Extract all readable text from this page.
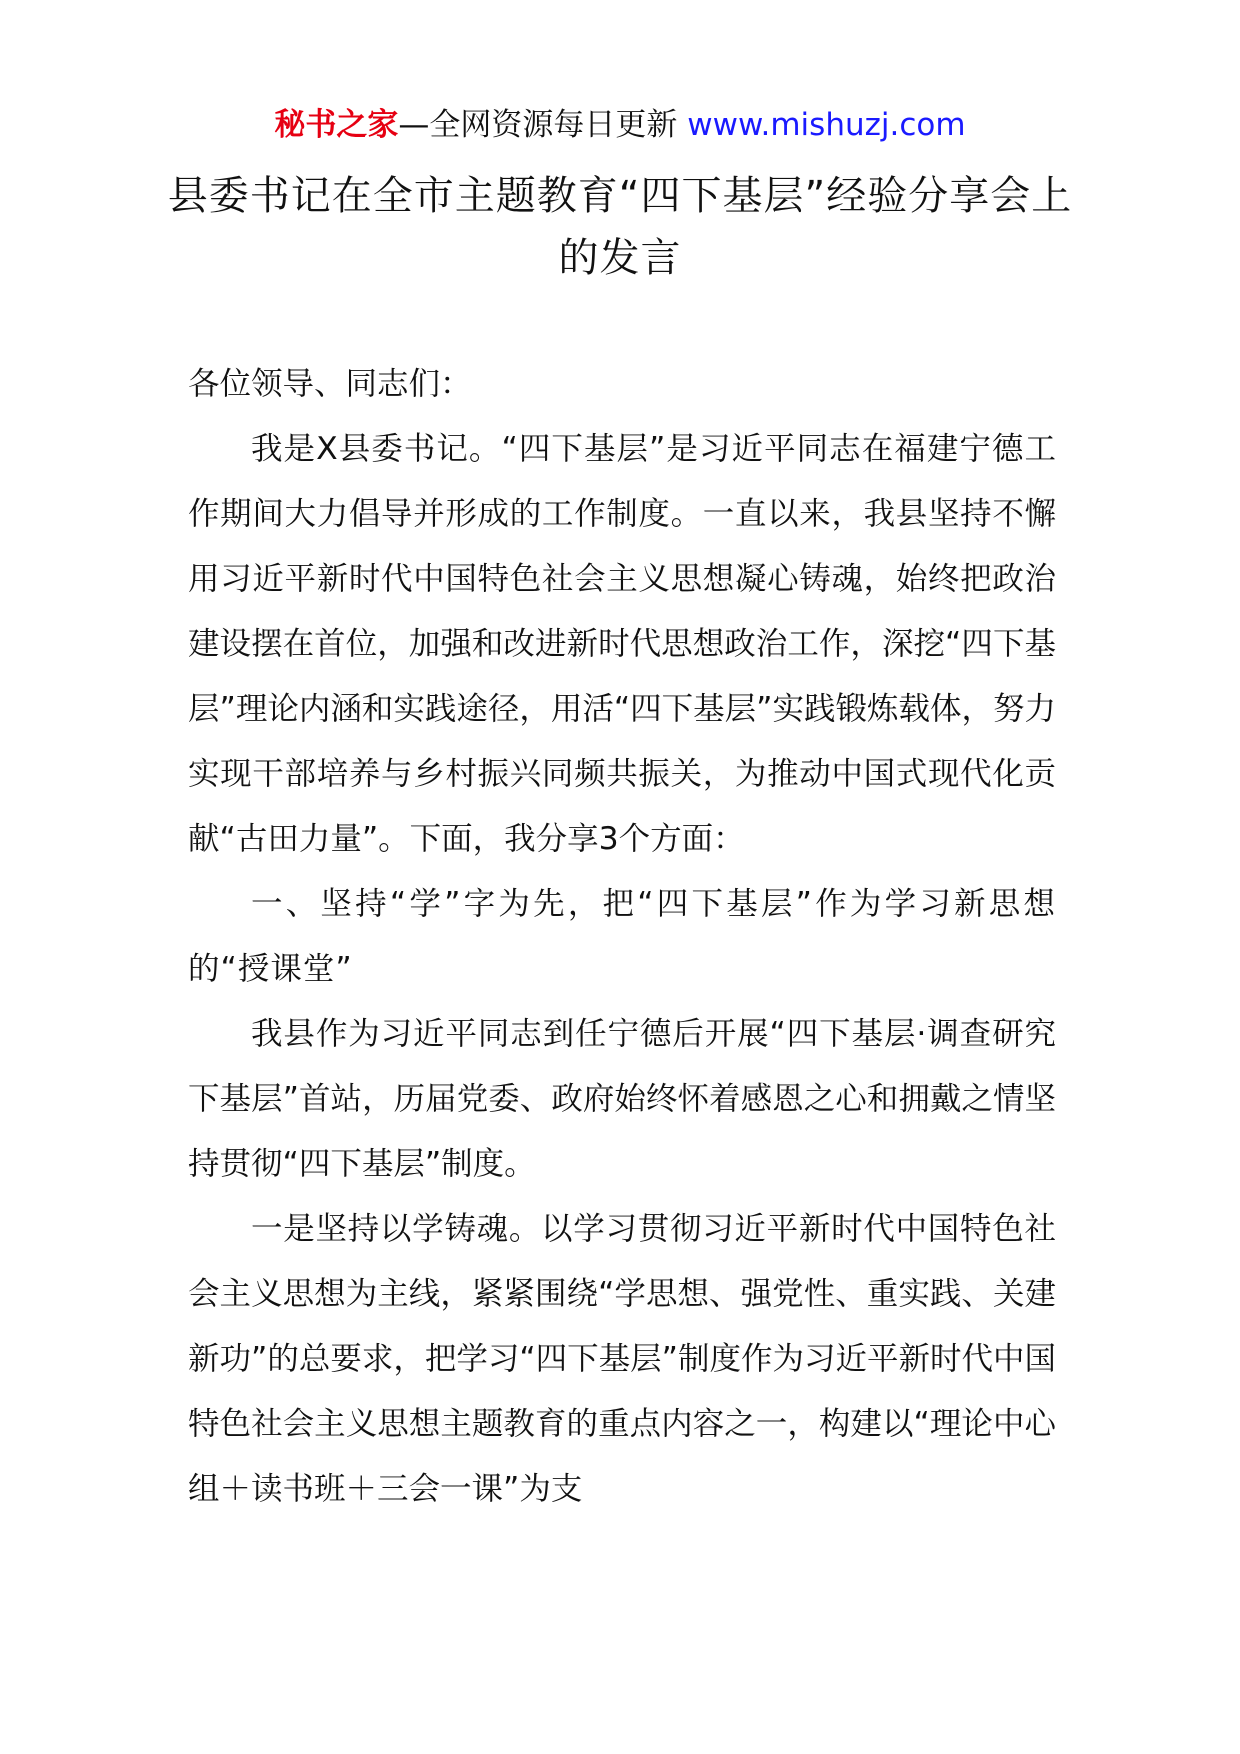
秘书之家—全网资源每日更新 www.mishuzj.com
县委书记在全市主题教育“四下基层”经验分享会上的发言

各位领导、同志们：

我是X县委书记。“四下基层”是习近平同志在福建宁德工作期间大力倡导并形成的工作制度。一直以来，我县坚持不懈用习近平新时代中国特色社会主义思想凝心铸魂，始终把政治建设摆在首位，加强和改进新时代思想政治工作，深挖“四下基层”理论内涵和实践途径，用活“四下基层”实践锻炼载体，努力实现干部培养与乡村振兴同频共振关，为推动中国式现代化贡献“古田力量”。下面，我分享3个方面：

一、坚持“学”字为先，把“四下基层”作为学习新思想的“授课堂”

我县作为习近平同志到任宁德后开展“四下基层·调查研究下基层”首站，历届党委、政府始终怀着感恩之心和拥戴之情坚持贯彻“四下基层”制度。

一是坚持以学铸魂。以学习贯彻习近平新时代中国特色社会主义思想为主线，紧紧围绕“学思想、强党性、重实践、关建新功”的总要求，把学习“四下基层”制度作为习近平新时代中国特色社会主义思想主题教育的重点内容之一，构建以“理论中心组＋读书班＋三会一课”为支
